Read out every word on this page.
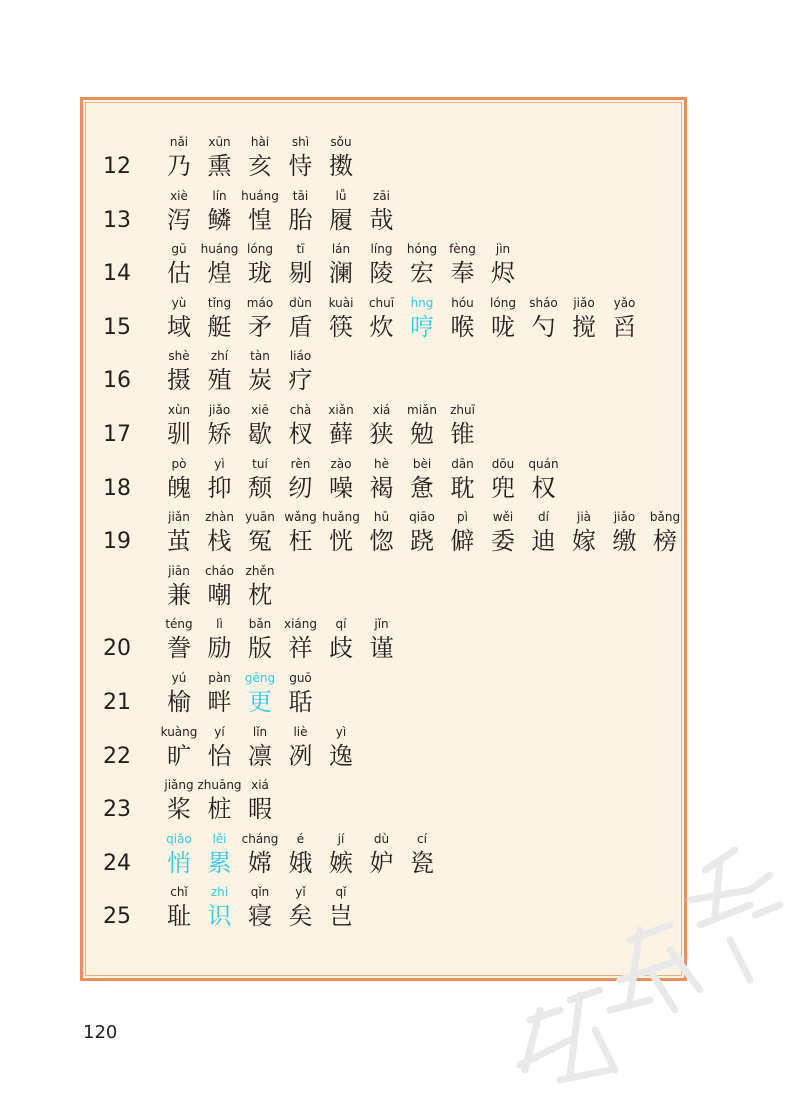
12
nǎi
乃
xūn
熏
hài
亥
shì
恃
sǒu
擞
13
xiè
泻
lín
鳞
huáng
惶
tāi
胎
lǚ
履
zāi
哉
14
gū
估
huáng
煌
lóng
珑
tī
剔
lán
澜
líng
陵
hóng
宏
fèng
奉
jìn
烬
15
yù
域
tǐng
艇
máo
矛
dùn
盾
kuài
筷
chuī
炊
hng
哼
hóu
喉
lóng
咙
sháo
勺
jiǎo
搅
yǎo
舀
16
shè
摄
zhí
殖
tàn
炭
liáo
疗
17
xùn
驯
jiǎo
矫
xiē
歇
chà
杈
xiǎn
藓
xiá
狭
miǎn
勉
zhuī
锥
18
pò
魄
yì
抑
tuí
颓
rèn
纫
zào
噪
hè
褐
bèi
惫
dān
耽
dōu
兜
quán
权
19
jiǎn
茧
zhàn
栈
yuān
冤
wǎng
枉
huǎng
恍
hū
惚
qiāo
跷
pì
僻
wěi
委
dí
迪
jià
嫁
jiǎo
缴
bǎng
榜
jiān
兼
cháo
嘲
zhěn
枕
20
téng
誊
lì
励
bǎn
版
xiáng
祥
qí
歧
jǐn
谨
21
yú
榆
pàn
畔
gēng
更
guō
聒
22
kuàng
旷
yí
怡
lǐn
凛
liè
冽
yì
逸
23
jiǎng
桨
zhuāng
桩
xiá
暇
24
qiǎo
悄
lěi
累
cháng
嫦
é
娥
jí
嫉
dù
妒
cí
瓷
25
chǐ
耻
zhi
识
qǐn
寝
yǐ
矣
qǐ
岂
120
